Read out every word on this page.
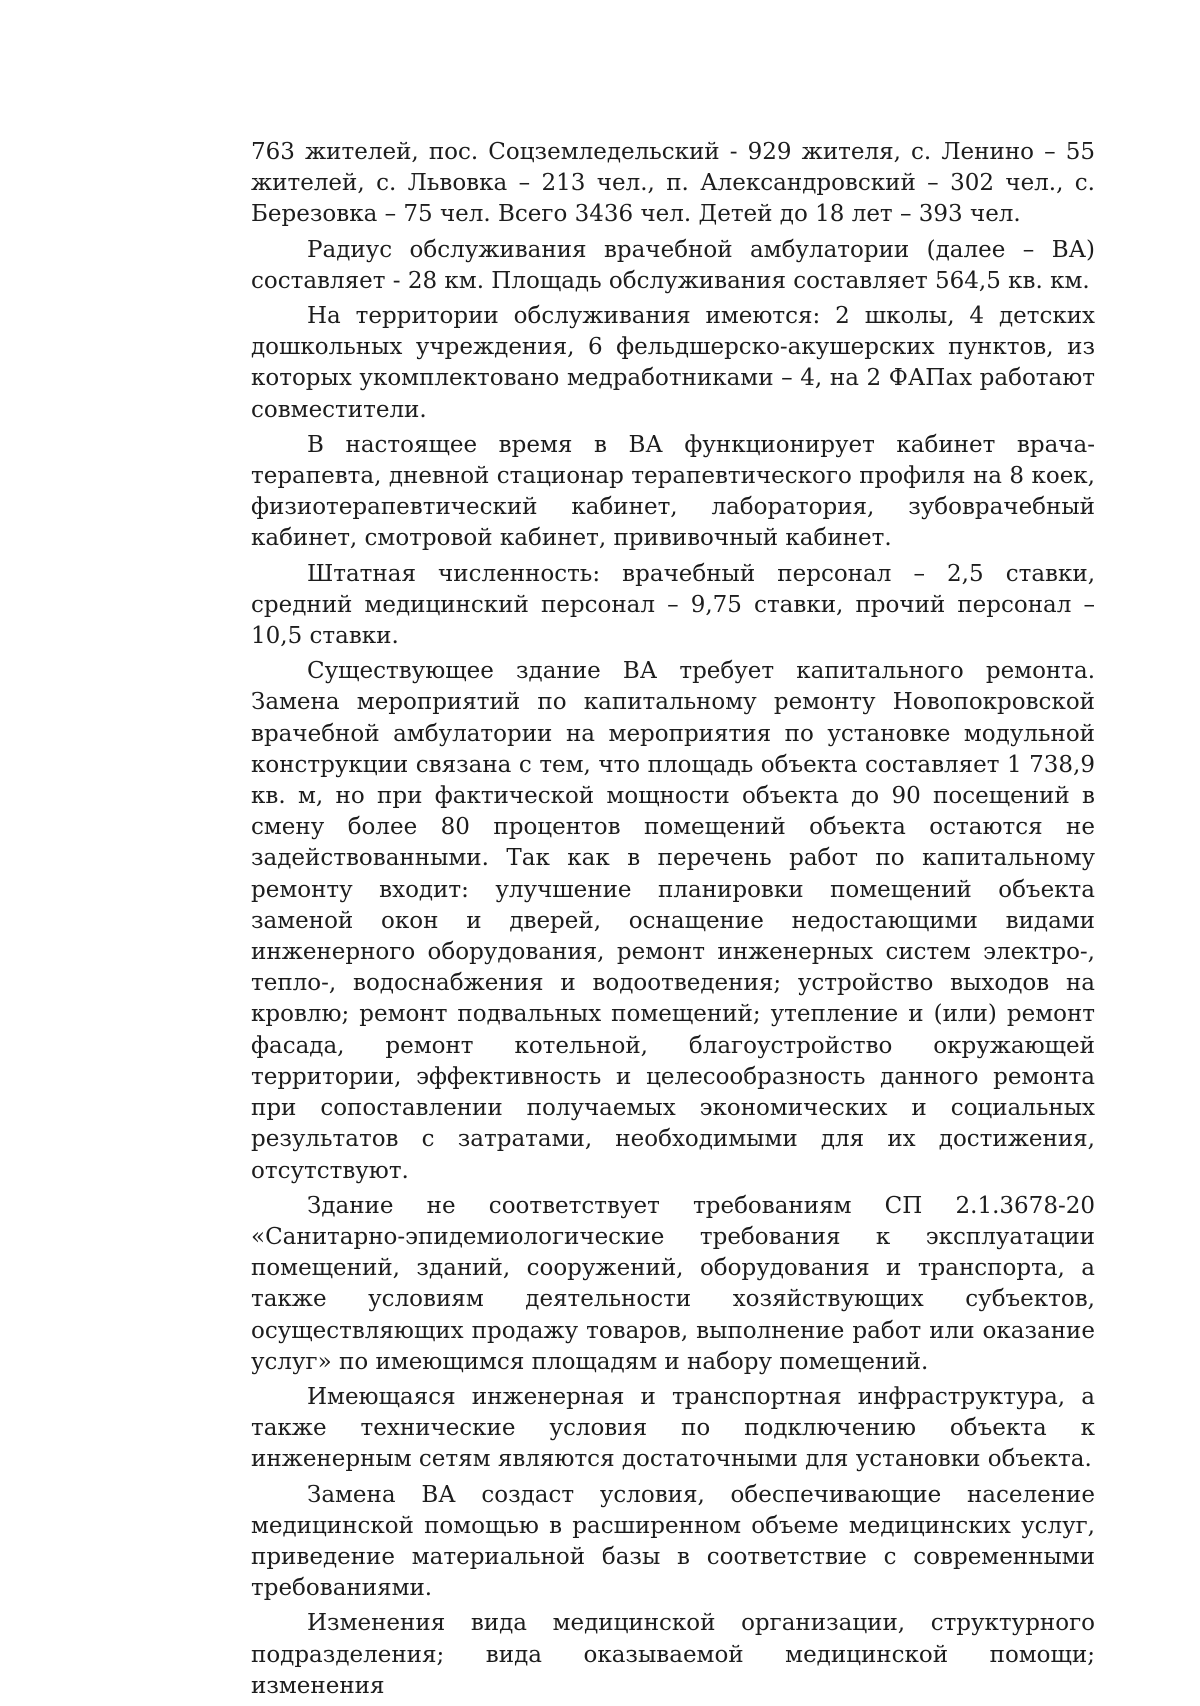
763 жителей, пос. Соцземледельский - 929 жителя, с. Ленино – 55 жителей, с. Львовка – 213 чел., п. Александровский – 302 чел., с. Березовка – 75 чел. Всего 3436 чел. Детей до 18 лет – 393 чел.

Радиус обслуживания врачебной амбулатории (далее – ВА) составляет - 28 км. Площадь обслуживания составляет 564,5 кв. км.

На территории обслуживания имеются: 2 школы, 4 детских дошкольных учреждения, 6 фельдшерско-акушерских пунктов, из которых укомплектовано медработниками – 4, на 2 ФАПах работают совместители.

В настоящее время в ВА функционирует кабинет врача- терапевта, дневной стационар терапевтического профиля на 8 коек, физиотерапевтический кабинет, лаборатория, зубоврачебный кабинет, смотровой кабинет, прививочный кабинет.

Штатная численность: врачебный персонал – 2,5 ставки, средний медицинский персонал – 9,75 ставки, прочий персонал – 10,5 ставки.

Существующее здание ВА требует капитального ремонта. Замена мероприятий по капитальному ремонту Новопокровской врачебной амбулатории на мероприятия по установке модульной конструкции связана с тем, что площадь объекта составляет 1 738,9 кв. м, но при фактической мощности объекта до 90 посещений в смену более 80 процентов помещений объекта остаются не задействованными. Так как в перечень работ по капитальному ремонту входит: улучшение планировки помещений объекта заменой окон и дверей, оснащение недостающими видами инженерного оборудования, ремонт инженерных систем электро-, тепло-, водоснабжения и водоотведения; устройство выходов на кровлю; ремонт подвальных помещений; утепление и (или) ремонт фасада, ремонт котельной, благоустройство окружающей территории, эффективность и целесообразность данного ремонта при сопоставлении получаемых экономических и социальных результатов с затратами, необходимыми для их достижения, отсутствуют.

Здание не соответствует требованиям СП 2.1.3678-20 «Санитарно-эпидемиологические требования к эксплуатации помещений, зданий, сооружений, оборудования и транспорта, а также условиям деятельности хозяйствующих субъектов, осуществляющих продажу товаров, выполнение работ или оказание услуг» по имеющимся площадям и набору помещений.

Имеющаяся инженерная и транспортная инфраструктура, а также технические условия по подключению объекта к инженерным сетям являются достаточными для установки объекта.

Замена ВА создаст условия, обеспечивающие население медицинской помощью в расширенном объеме медицинских услуг, приведение материальной базы в соответствие с современными требованиями.

Изменения вида медицинской организации, структурного подразделения; вида оказываемой медицинской помощи; изменения
